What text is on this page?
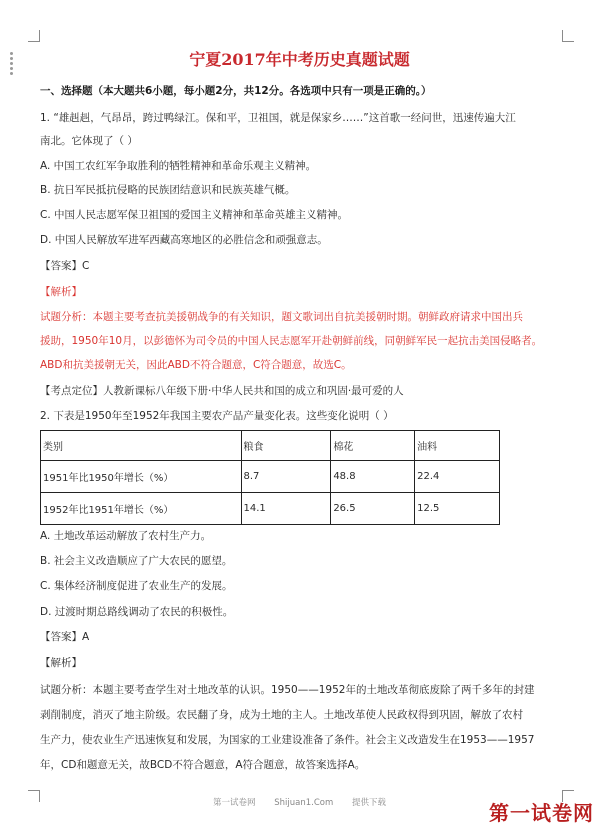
宁夏2017年中考历史真题试题
一、选择题（本大题共6小题，每小题2分，共12分。各选项中只有一项是正确的。）
1. “雄赳赳，气昂昂，跨过鸭绿江。保和平，卫祖国，就是保家乡……”这首歌一经问世，迅速传遍大江
南北。它体现了（ ）
A. 中国工农红军争取胜利的牺牲精神和革命乐观主义精神。
B. 抗日军民抵抗侵略的民族团结意识和民族英雄气概。
C. 中国人民志愿军保卫祖国的爱国主义精神和革命英雄主义精神。
D. 中国人民解放军进军西藏高寒地区的必胜信念和顽强意志。
【答案】C
【解析】
试题分析：本题主要考查抗美援朝战争的有关知识，题文歌词出自抗美援朝时期。朝鲜政府请求中国出兵
援助，1950年10月，以彭德怀为司令员的中国人民志愿军开赴朝鲜前线，同朝鲜军民一起抗击美国侵略者。
ABD和抗美援朝无关，因此ABD不符合题意，C符合题意，故选C。
【考点定位】人教新课标八年级下册·中华人民共和国的成立和巩固·最可爱的人
2. 下表是1950年至1952年我国主要农产品产量变化表。这些变化说明（ ）
类别	粮食	棉花	油料
1951年比1950年增长（%）	8.7	48.8	22.4
1952年比1951年增长（%）	14.1	26.5	12.5
A. 土地改革运动解放了农村生产力。
B. 社会主义改造顺应了广大农民的愿望。
C. 集体经济制度促进了农业生产的发展。
D. 过渡时期总路线调动了农民的积极性。
【答案】A
【解析】
试题分析：本题主要考查学生对土地改革的认识。1950——1952年的土地改革彻底废除了两千多年的封建
剥削制度，消灭了地主阶级。农民翻了身，成为土地的主人。土地改革使人民政权得到巩固，解放了农村
生产力，使农业生产迅速恢复和发展，为国家的工业建设准备了条件。社会主义改造发生在1953——1957
年，CD和题意无关，故BCD不符合题意，A符合题意，故答案选择A。
第一试卷网 Shijuan1.Com 提供下载	第一试卷网
